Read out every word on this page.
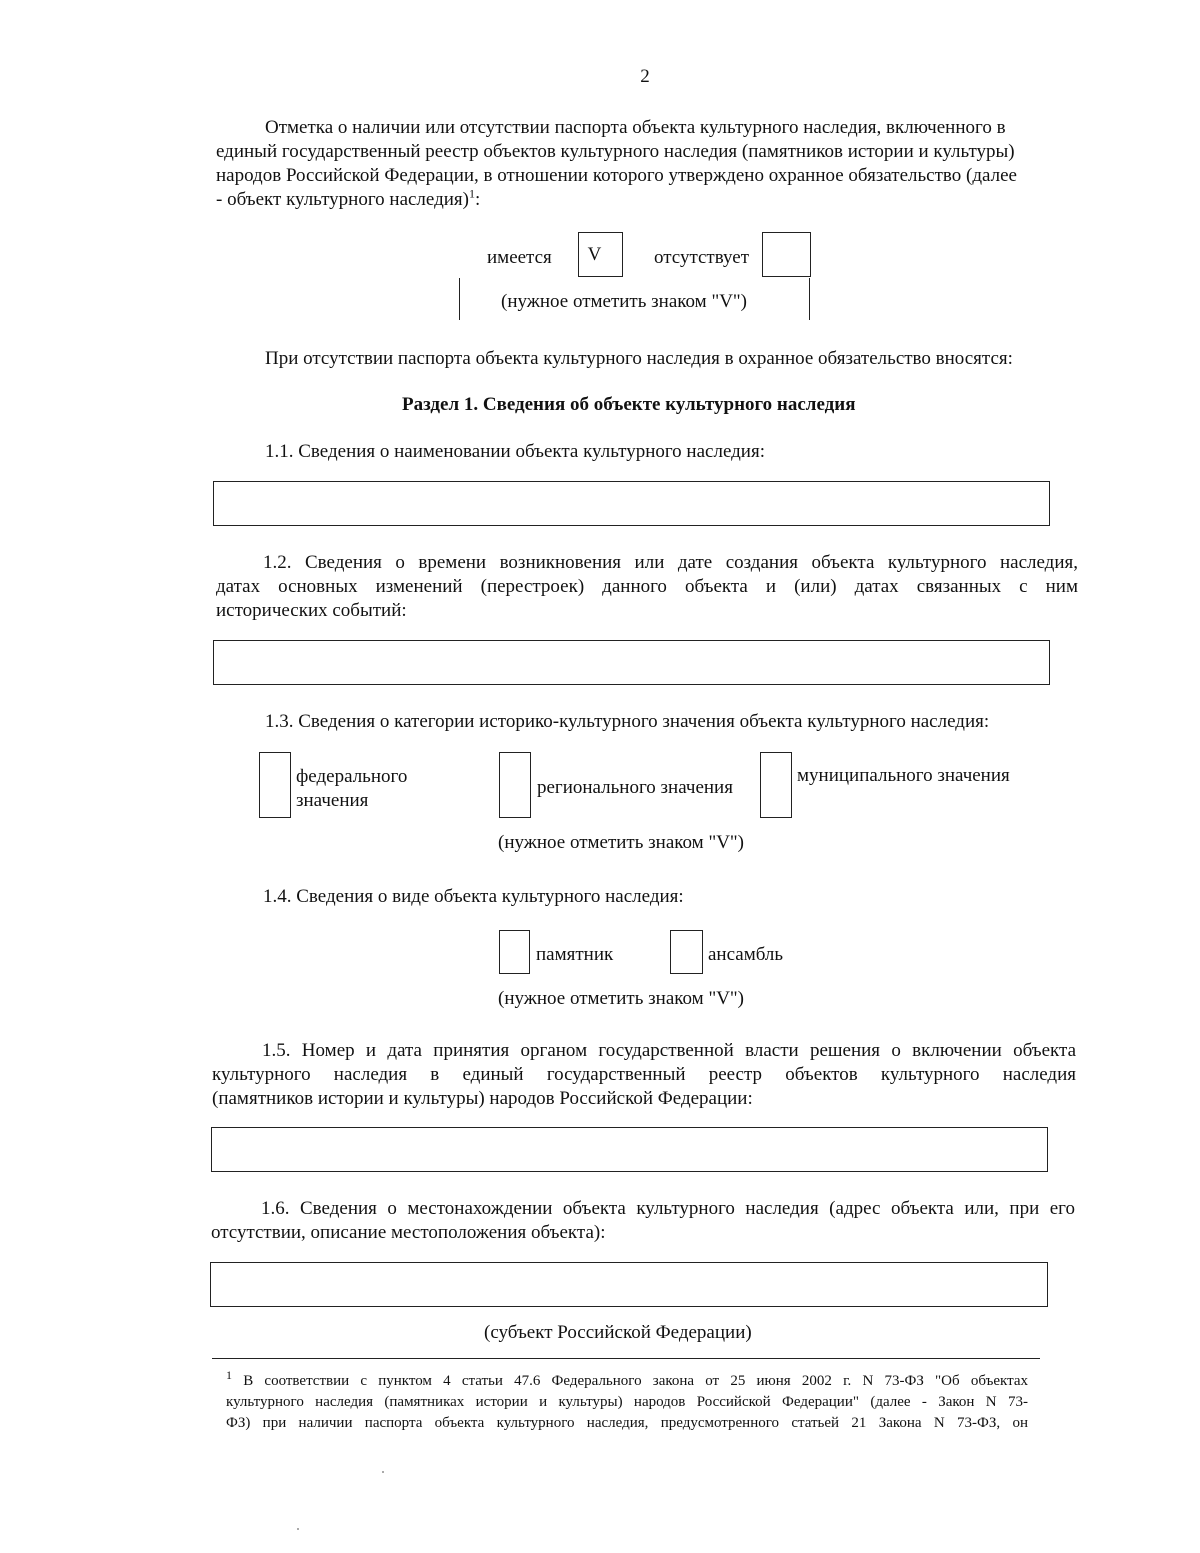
2
Отметка о наличии или отсутствии паспорта объекта культурного наследия, включенного в
единый государственный реестр объектов культурного наследия (памятников истории и культуры)
народов Российской Федерации, в отношении которого утверждено охранное обязательство (далее
- объект культурного наследия)$^1$:
имеется	V	отсутствует
(нужное отметить знаком "V")
При отсутствии паспорта объекта культурного наследия в охранное обязательство вносятся:
Раздел 1. Сведения об объекте культурного наследия
1.1. Сведения о наименовании объекта культурного наследия:
1.2. Сведения о времени возникновения или дате создания объекта культурного наследия,
датах основных изменений (перестроек) данного объекта и (или) датах связанных с ним
исторических событий:
1.3. Сведения о категории историко-культурного значения объекта культурного наследия:
федерального
значения
регионального значения
муниципального значения
(нужное отметить знаком "V")
1.4. Сведения о виде объекта культурного наследия:
памятник	ансамбль
(нужное отметить знаком "V")
1.5. Номер и дата принятия органом государственной власти решения о включении объекта
культурного наследия в единый государственный реестр объектов культурного наследия
(памятников истории и культуры) народов Российской Федерации:
1.6. Сведения о местонахождении объекта культурного наследия (адрес объекта или, при его
отсутствии, описание местоположения объекта):
(субъект Российской Федерации)
$^1$ В соответствии с пунктом 4 статьи 47.6 Федерального закона от 25 июня 2002 г. N 73-ФЗ "Об объектах
культурного наследия (памятниках истории и культуры) народов Российской Федерации" (далее - Закон N 73-
ФЗ) при наличии паспорта объекта культурного наследия, предусмотренного статьей 21 Закона N 73-ФЗ, он
